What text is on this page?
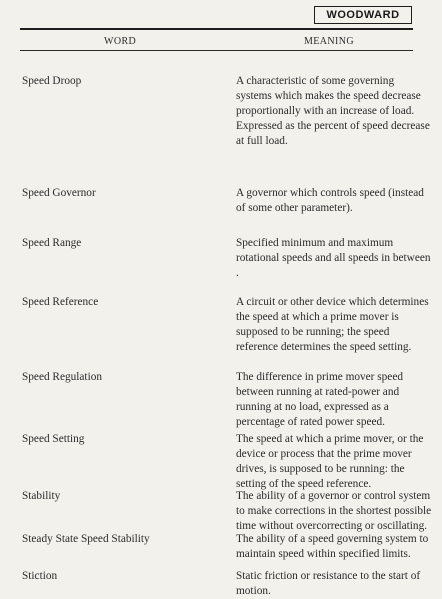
WOODWARD
WORD	MEANING
Speed Droop	A characteristic of some governing systems which makes the speed decrease proportionally with an increase of load. Expressed as the percent of speed decrease at full load.
Speed Governor	A governor which controls speed (instead of some other parameter).
Speed Range	Specified minimum and maximum rotational speeds and all speeds in between .
Speed Reference	A circuit or other device which determines the speed at which a prime mover is supposed to be running; the speed reference determines the speed setting.
Speed Regulation	The difference in prime mover speed between running at rated-power and running at no load, expressed as a percentage of rated power speed.
Speed Setting	The speed at which a prime mover, or the device or process that the prime mover drives, is supposed to be running: the setting of the speed reference.
Stability	The ability of a governor or control system to make corrections in the shortest possible time without overcorrecting or oscillating.
Steady State Speed Stability	The ability of a speed governing system to maintain speed within specified limits.
Stiction	Static friction or resistance to the start of motion.
